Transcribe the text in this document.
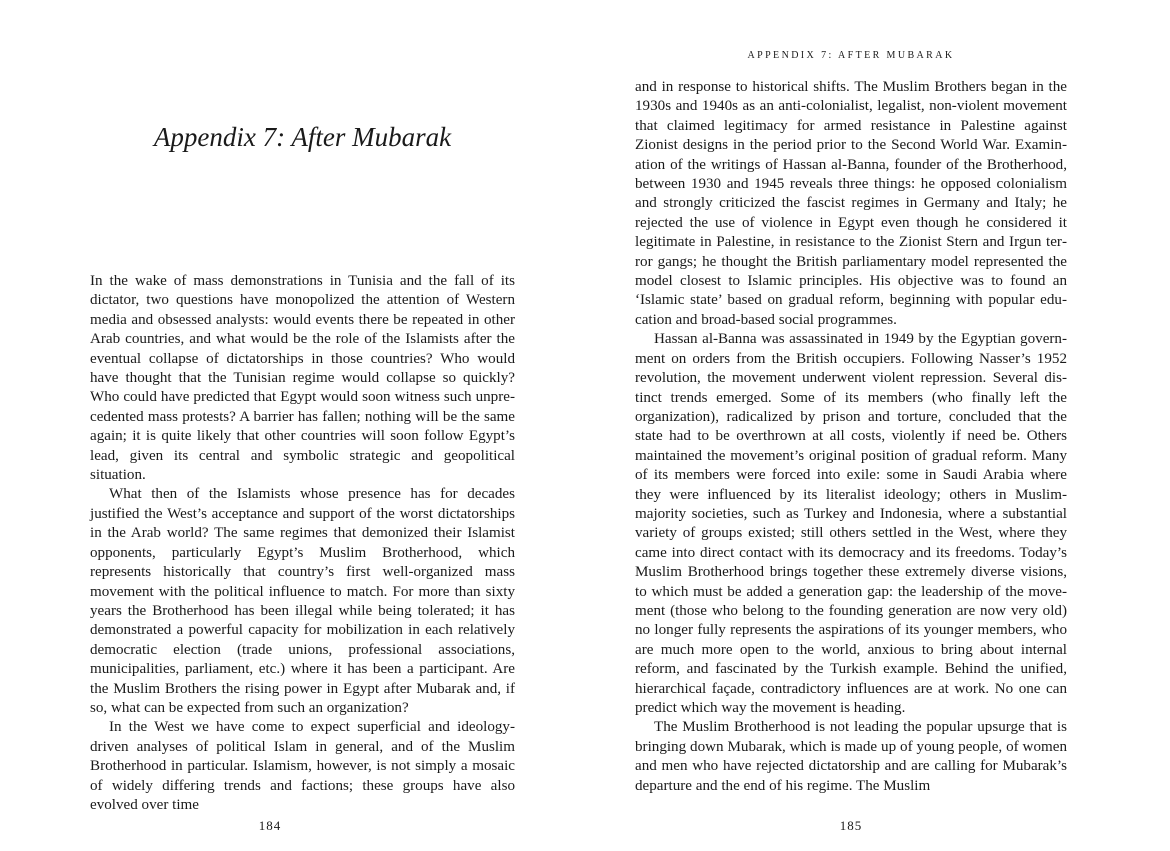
Appendix 7: After Mubarak

In the wake of mass demonstrations in Tunisia and the fall of its dictator, two questions have monopolized the attention of Western media and obsessed analysts: would events there be repeated in other Arab countries, and what would be the role of the Islamists after the eventual collapse of dictatorships in those countries? Who would have thought that the Tunisian regime would collapse so quickly? Who could have predicted that Egypt would soon witness such unprecedented mass protests? A barrier has fallen; nothing will be the same again; it is quite likely that other countries will soon follow Egypt’s lead, given its central and symbolic strategic and geopolitical situation.

What then of the Islamists whose presence has for decades justified the West’s acceptance and support of the worst dictatorships in the Arab world? The same regimes that demonized their Islamist opponents, particularly Egypt’s Muslim Brotherhood, which represents historically that country’s first well-organized mass movement with the political influence to match. For more than sixty years the Brotherhood has been illegal while being tolerated; it has demonstrated a powerful capacity for mobilization in each relatively democratic election (trade unions, professional associations, municipalities, parliament, etc.) where it has been a participant. Are the Muslim Brothers the rising power in Egypt after Mubarak and, if so, what can be expected from such an organization?

In the West we have come to expect superficial and ideology-driven analyses of political Islam in general, and of the Muslim Brotherhood in particular. Islamism, however, is not simply a mosaic of widely differing trends and factions; these groups have also evolved over time

184
APPENDIX 7: AFTER MUBARAK

and in response to historical shifts. The Muslim Brothers began in the 1930s and 1940s as an anti-colonialist, legalist, non-violent movement that claimed legitimacy for armed resistance in Palestine against Zionist designs in the period prior to the Second World War. Examination of the writings of Hassan al-Banna, founder of the Brotherhood, between 1930 and 1945 reveals three things: he opposed colonialism and strongly criticized the fascist regimes in Germany and Italy; he rejected the use of violence in Egypt even though he considered it legitimate in Palestine, in resistance to the Zionist Stern and Irgun terror gangs; he thought the British parliamentary model represented the model closest to Islamic principles. His objective was to found an ‘Islamic state’ based on gradual reform, beginning with popular education and broad-based social programmes.

Hassan al-Banna was assassinated in 1949 by the Egyptian government on orders from the British occupiers. Following Nasser’s 1952 revolution, the movement underwent violent repression. Several distinct trends emerged. Some of its members (who finally left the organization), radicalized by prison and torture, concluded that the state had to be overthrown at all costs, violently if need be. Others maintained the movement’s original position of gradual reform. Many of its members were forced into exile: some in Saudi Arabia where they were influenced by its literalist ideology; others in Muslim-majority societies, such as Turkey and Indonesia, where a substantial variety of groups existed; still others settled in the West, where they came into direct contact with its democracy and its freedoms. Today’s Muslim Brotherhood brings together these extremely diverse visions, to which must be added a generation gap: the leadership of the movement (those who belong to the founding generation are now very old) no longer fully represents the aspirations of its younger members, who are much more open to the world, anxious to bring about internal reform, and fascinated by the Turkish example. Behind the unified, hierarchical façade, contradictory influences are at work. No one can predict which way the movement is heading.

The Muslim Brotherhood is not leading the popular upsurge that is bringing down Mubarak, which is made up of young people, of women and men who have rejected dictatorship and are calling for Mubarak’s departure and the end of his regime. The Muslim

185
